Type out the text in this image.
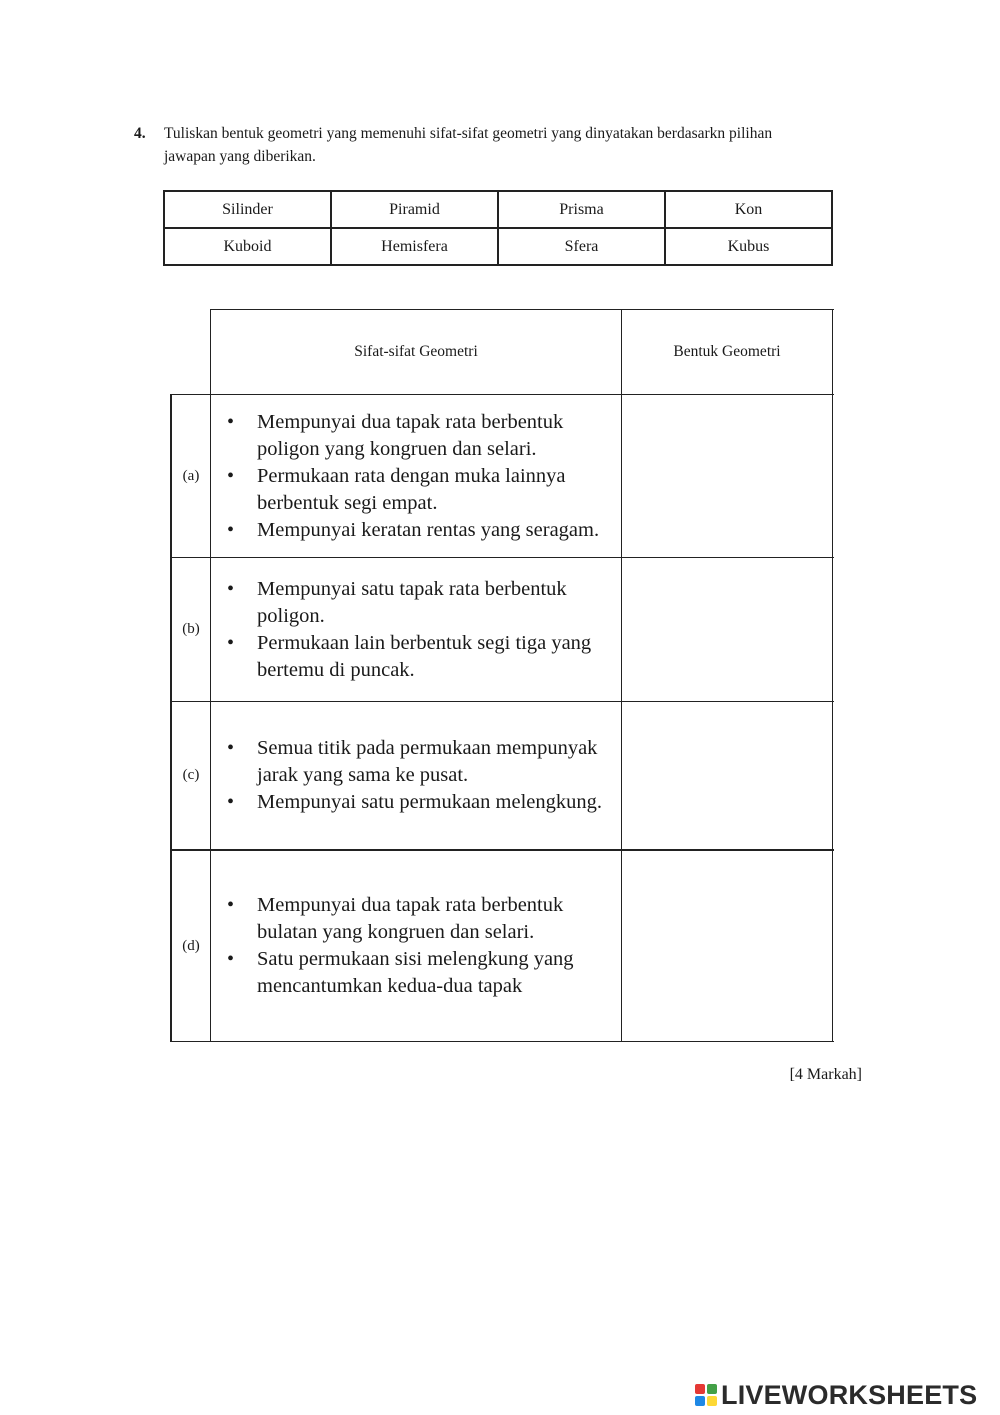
4. Tuliskan bentuk geometri yang memenuhi sifat-sifat geometri yang dinyatakan berdasarkn pilihan jawapan yang diberikan.
Silinder	Piramid	Prisma	Kon
Kuboid	Hemisfera	Sfera	Kubus
Sifat-sifat Geometri	Bentuk Geometri
(a)
• Mempunyai dua tapak rata berbentuk poligon yang kongruen dan selari.
• Permukaan rata dengan muka lainnya berbentuk segi empat.
• Mempunyai keratan rentas yang seragam.
(b)
• Mempunyai satu tapak rata berbentuk poligon.
• Permukaan lain berbentuk segi tiga yang bertemu di puncak.
(c)
• Semua titik pada permukaan mempunyak jarak yang sama ke pusat.
• Mempunyai satu permukaan melengkung.
(d)
• Mempunyai dua tapak rata berbentuk bulatan yang kongruen dan selari.
• Satu permukaan sisi melengkung yang mencantumkan kedua-dua tapak
[4 Markah]
LIVEWORKSHEETS
